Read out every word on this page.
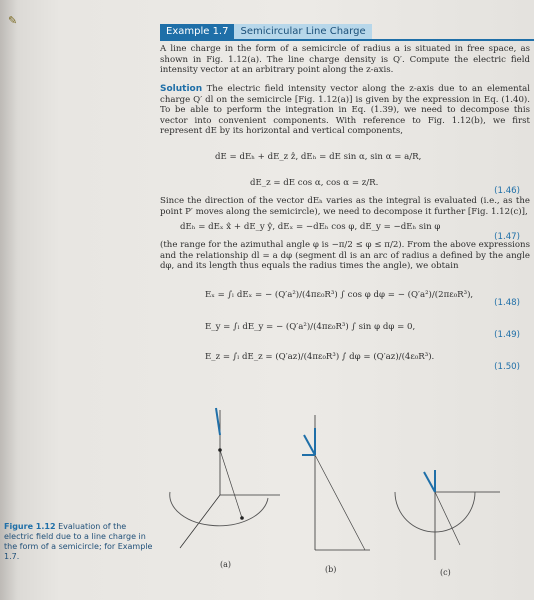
✎
Example 1.7	Semicircular Line Charge
A line charge in the form of a semicircle of radius a is situated in free space, as shown in Fig. 1.12(a). The line charge density is Q′. Compute the electric field intensity vector at an arbitrary point along the z-axis.
Solution The electric field intensity vector along the z-axis due to an elemental charge Q′ dl on the semicircle [Fig. 1.12(a)] is given by the expression in Eq. (1.40). To be able to perform the integration in Eq. (1.39), we need to decompose this vector into convenient components. With reference to Fig. 1.12(b), we first represent dE by its horizontal and vertical components,
dE = dEₕ + dE_z ẑ, dEₕ = dE sin α, sin α = a/R,
dE_z = dE cos α, cos α = z/R.
(1.46)
Since the direction of the vector dEₕ varies as the integral is evaluated (i.e., as the point P′ moves along the semicircle), we need to decompose it further [Fig. 1.12(c)],
dEₕ = dEₓ x̂ + dE_y ŷ, dEₓ = −dEₕ cos φ, dE_y = −dEₕ sin φ
(1.47)
(the range for the azimuthal angle φ is −π/2 ≤ φ ≤ π/2). From the above expressions and the relationship dl = a dφ (segment dl is an arc of radius a defined by the angle dφ, and its length thus equals the radius times the angle), we obtain
Eₓ = ∫ₗ dEₓ = − (Q′a²)/(4πε₀R³) ∫ cos φ dφ = − (Q′a²)/(2πε₀R³),
(1.48)
E_y = ∫ₗ dE_y = − (Q′a²)/(4πε₀R³) ∫ sin φ dφ = 0,
(1.49)
E_z = ∫ₗ dE_z = (Q′az)/(4πε₀R³) ∫ dφ = (Q′az)/(4ε₀R³).
(1.50)
(a)
(b)	(c)
Figure 1.12 Evaluation of the electric field due to a line charge in the form of a semicircle; for Example 1.7.
